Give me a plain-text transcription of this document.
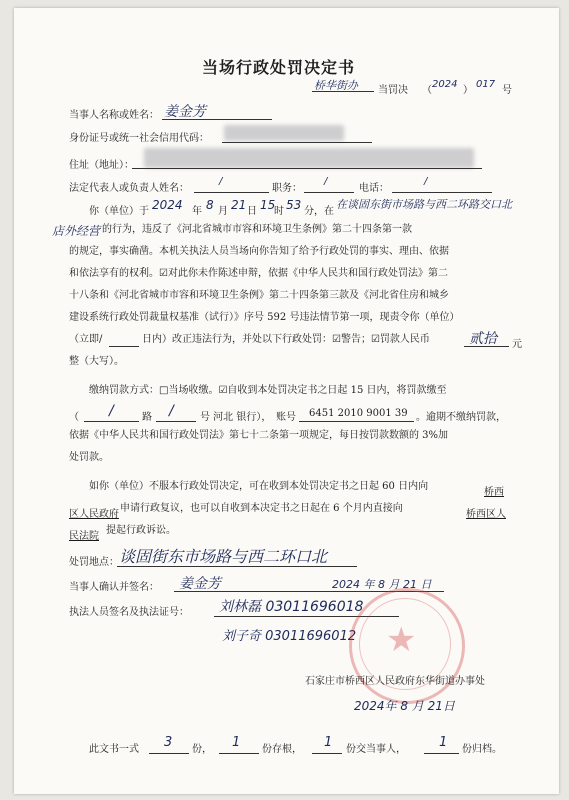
当场行政处罚决定书
桥华街办 当罚决 （
2024
）
017
号
当事人名称或姓名： 姜金芳
身份证号或统一社会信用代码：
住址（地址）：
法定代表人或负责人姓名：
/
职务：
/
电话：
/
你（单位）于 2024 年 8 月 21 日 15
时 53 分，在
在谈固东街市场路与西二环路交口北
店外经营 的行为，违反了《河北省城市市容和环境卫生条例》第二十四条第一款
的规定，事实确凿。本机关执法人员当场向你告知了给予行政处罚的事实、理由、依据
和依法享有的权利。☑对此你未作陈述申辩，依据《中华人民共和国行政处罚法》第二
十八条和《河北省城市市容和环境卫生条例》第二十四条第三款及《河北省住房和城乡
建设系统行政处罚裁量权基准（试行）》序号 592 号违法情节第一项，现责令你（单位）
（立即/	日内）改正违法行为，并处以下行政处罚：☑警告；☑罚款人民币	贰拾 元
整（大写）。
缴纳罚款方式：□当场收缴。☑自收到本处罚决定书之日起 15 日内，将罚款缴至
（ /	路 /	号 河北 银行）， 账号 6451 2010 9001 39 。逾期不缴纳罚款，
依据《中华人民共和国行政处罚法》第七十二条第一项规定，每日按罚款数额的 3%加
处罚款。
如你（单位）不服本行政处罚决定，可在收到本处罚决定书之日起 60 日内向
桥西
区人民政府
申请行政复议，也可以自收到本决定书之日起在 6 个月内直接向
桥西区人
民法院
提起行政诉讼。
处罚地点： 谈固街东市场路与西二环口北
当事人确认并签名： 姜金芳	2024 年 8 月 21 日
执法人员签名及执法证号： 刘林磊 03011696018
刘子奇 03011696012 ★
石家庄市桥西区人民政府东华街道办事处
2024年 8 月 21日
此文书一式 3 份， 1 份存根， 1 份交当事人，	1 份归档。
